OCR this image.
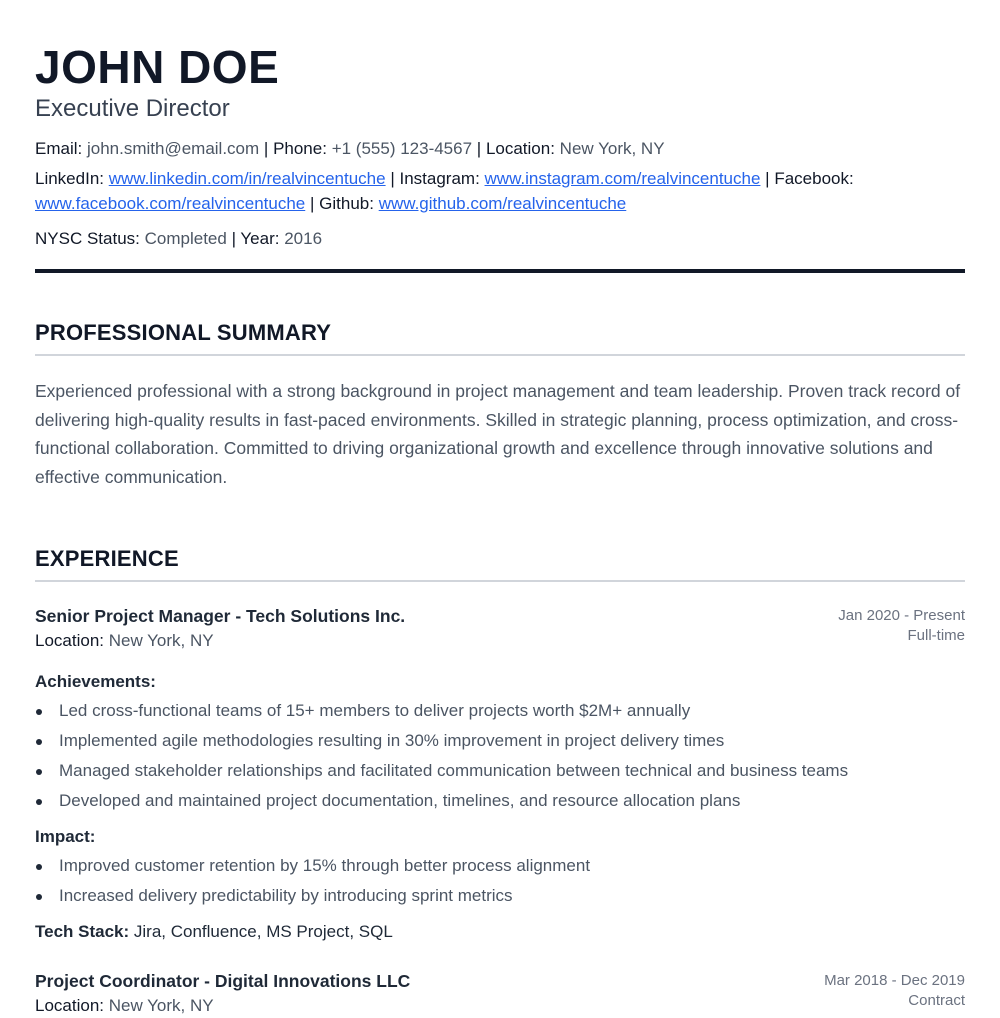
JOHN DOE
Executive Director
Email: john.smith@email.com | Phone: +1 (555) 123-4567 | Location: New York, NY
LinkedIn: www.linkedin.com/in/realvincentuche | Instagram: www.instagram.com/realvincentuche | Facebook: www.facebook.com/realvincentuche | Github: www.github.com/realvincentuche
NYSC Status: Completed | Year: 2016
PROFESSIONAL SUMMARY

Experienced professional with a strong background in project management and team leadership. Proven track record of delivering high-quality results in fast-paced environments. Skilled in strategic planning, process optimization, and cross-functional collaboration. Committed to driving organizational growth and excellence through innovative solutions and effective communication.

EXPERIENCE
Senior Project Manager - Tech Solutions Inc.
Location: New York, NY
Jan 2020 - Present
Full-time
Achievements:
Led cross-functional teams of 15+ members to deliver projects worth $2M+ annually
Implemented agile methodologies resulting in 30% improvement in project delivery times
Managed stakeholder relationships and facilitated communication between technical and business teams
Developed and maintained project documentation, timelines, and resource allocation plans
Impact:
Improved customer retention by 15% through better process alignment
Increased delivery predictability by introducing sprint metrics
Tech Stack: Jira, Confluence, MS Project, SQL
Project Coordinator - Digital Innovations LLC
Location: New York, NY
Mar 2018 - Dec 2019
Contract
